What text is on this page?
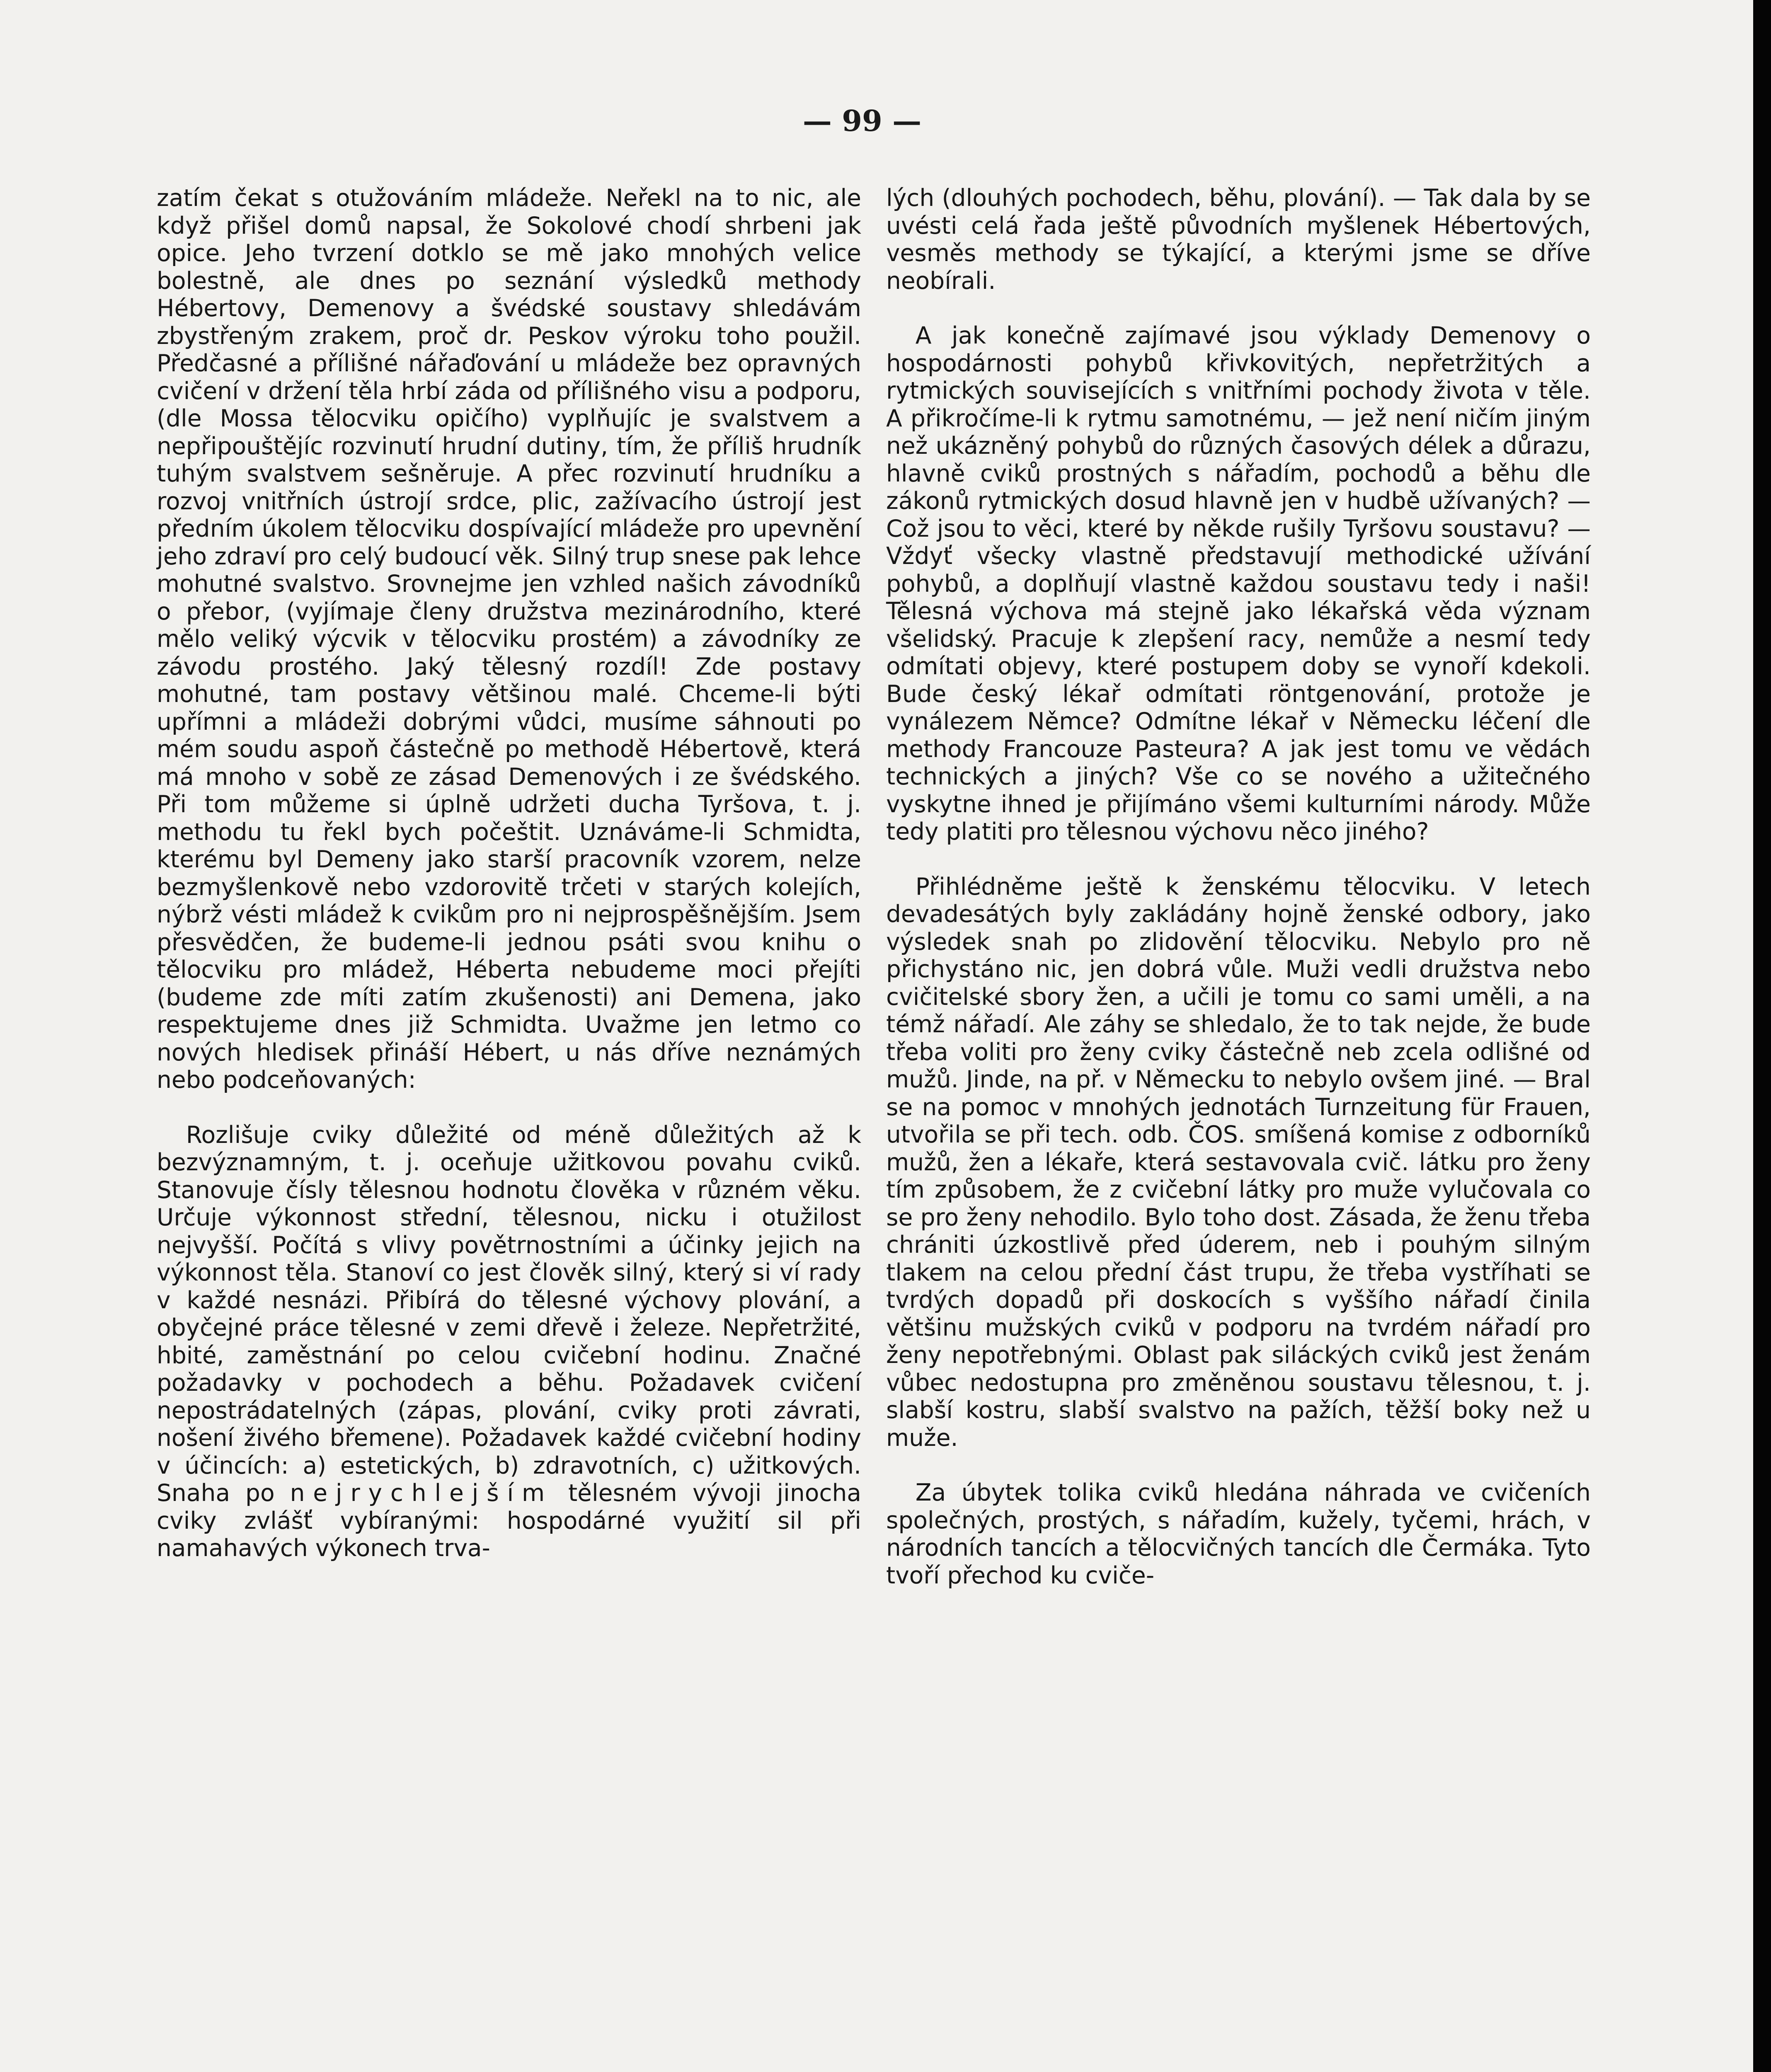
— 99 —

zatím čekat s otužováním mládeže. Neřekl na to nic, ale když přišel domů napsal, že Sokolové chodí shrbeni jak opice. Jeho tvrzení dotklo se mě jako mnohých velice bolestně, ale dnes po seznání výsledků methody Hébertovy, Demenovy a švédské soustavy shledávám zbystřeným zrakem, proč dr. Peskov výroku toho použil. Předčasné a přílišné nářaďování u mládeže bez opravných cvičení v držení těla hrbí záda od přílišného visu a podporu, (dle Mossa tělocviku opičího) vyplňujíc je svalstvem a nepřipouštějíc rozvinutí hrudní dutiny, tím, že příliš hrudník tuhým svalstvem sešněruje. A přec rozvinutí hrudníku a rozvoj vnitřních ústrojí srdce, plic, zažívacího ústrojí jest předním úkolem tělocviku dospívající mládeže pro upevnění jeho zdraví pro celý budoucí věk. Silný trup snese pak lehce mohutné svalstvo. Srovnejme jen vzhled našich závodníků o přebor, (vyjímaje členy družstva mezinárodního, které mělo veliký výcvik v tělocviku prostém) a závodníky ze závodu prostého. Jaký tělesný rozdíl! Zde postavy mohutné, tam postavy většinou malé. Chceme-li býti upřímni a mládeži dobrými vůdci, musíme sáhnouti po mém soudu aspoň částečně po methodě Hébertově, která má mnoho v sobě ze zásad Demenových i ze švédského. Při tom můžeme si úplně udržeti ducha Tyršova, t. j. methodu tu řekl bych počeštit. Uznáváme-li Schmidta, kterému byl Demeny jako starší pracovník vzorem, nelze bezmyšlenkově nebo vzdorovitě trčeti v starých kolejích, nýbrž vésti mládež k cvikům pro ni nejprospěšnějším. Jsem přesvědčen, že budeme-li jednou psáti svou knihu o tělocviku pro mládež, Héberta nebudeme moci přejíti (budeme zde míti zatím zkušenosti) ani Demena, jako respektujeme dnes již Schmidta. Uvažme jen letmo co nových hledisek přináší Hébert, u nás dříve neznámých nebo podceňovaných:

Rozlišuje cviky důležité od méně důležitých až k bezvýznamným, t. j. oceňuje užitkovou povahu cviků. Stanovuje čísly tělesnou hodnotu člověka v různém věku. Určuje výkonnost střední, tělesnou, nicku i otužilost nejvyšší. Počítá s vlivy povětrnostními a účinky jejich na výkonnost těla. Stanoví co jest člověk silný, který si ví rady v každé nesnázi. Přibírá do tělesné výchovy plování, a obyčejné práce tělesné v zemi dřevě i železe. Nepřetržité, hbité, zaměstnání po celou cvičební hodinu. Značné požadavky v pochodech a běhu. Požadavek cvičení nepostrádatelných (zápas, plování, cviky proti závrati, nošení živého břemene). Požadavek každé cvičební hodiny v účincích: a) estetických, b) zdravotních, c) užitkových. Snaha po nejrychlejším tělesném vývoji jinocha cviky zvlášť vybíranými: hospodárné využití sil při namahavých výkonech trva-

lých (dlouhých pochodech, běhu, plování). — Tak dala by se uvésti celá řada ještě původních myšlenek Hébertových, vesměs methody se týkající, a kterými jsme se dříve neobírali.

A jak konečně zajímavé jsou výklady Demenovy o hospodárnosti pohybů křivkovitých, nepřetržitých a rytmických souvisejících s vnitřními pochody života v těle. A přikročíme-li k rytmu samotnému, — jež není ničím jiným než ukázněný pohybů do různých časových délek a důrazu, hlavně cviků prostných s nářadím, pochodů a běhu dle zákonů rytmických dosud hlavně jen v hudbě užívaných? — Což jsou to věci, které by někde rušily Tyršovu soustavu? — Vždyť všecky vlastně představují methodické užívání pohybů, a doplňují vlastně každou soustavu tedy i naši! Tělesná výchova má stejně jako lékařská věda význam všelidský. Pracuje k zlepšení racy, nemůže a nesmí tedy odmítati objevy, které postupem doby se vynoří kdekoli. Bude český lékař odmítati röntgenování, protože je vynálezem Němce? Odmítne lékař v Německu léčení dle methody Francouze Pasteura? A jak jest tomu ve vědách technických a jiných? Vše co se nového a užitečného vyskytne ihned je přijímáno všemi kulturními národy. Může tedy platiti pro tělesnou výchovu něco jiného?

Přihlédněme ještě k ženskému tělocviku. V letech devadesátých byly zakládány hojně ženské odbory, jako výsledek snah po zlidovění tělocviku. Nebylo pro ně přichystáno nic, jen dobrá vůle. Muži vedli družstva nebo cvičitelské sbory žen, a učili je tomu co sami uměli, a na témž nářadí. Ale záhy se shledalo, že to tak nejde, že bude třeba voliti pro ženy cviky částečně neb zcela odlišné od mužů. Jinde, na př. v Německu to nebylo ovšem jiné. — Bral se na pomoc v mnohých jednotách Turnzeitung für Frauen, utvořila se při tech. odb. ČOS. smíšená komise z odborníků mužů, žen a lékaře, která sestavovala cvič. látku pro ženy tím způsobem, že z cvičební látky pro muže vylučovala co se pro ženy nehodilo. Bylo toho dost. Zásada, že ženu třeba chrániti úzkostlivě před úderem, neb i pouhým silným tlakem na celou přední část trupu, že třeba vystříhati se tvrdých dopadů při doskocích s vyššího nářadí činila většinu mužských cviků v podporu na tvrdém nářadí pro ženy nepotřebnými. Oblast pak siláckých cviků jest ženám vůbec nedostupna pro změněnou soustavu tělesnou, t. j. slabší kostru, slabší svalstvo na pažích, těžší boky než u muže.

Za úbytek tolika cviků hledána náhrada ve cvičeních společných, prostých, s nářadím, kužely, tyčemi, hrách, v národních tancích a tělocvičných tancích dle Čermáka. Tyto tvoří přechod ku cviče-
